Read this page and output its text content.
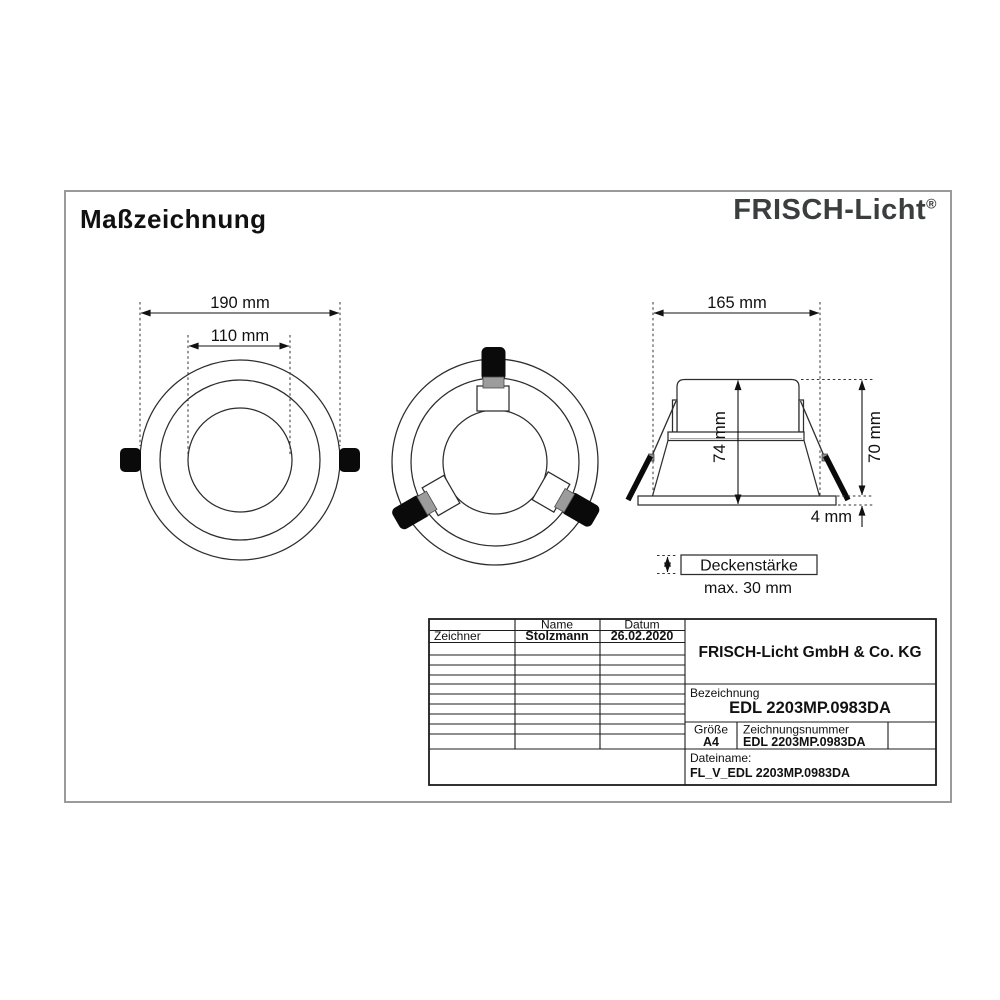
Maßzeichnung	FRISCH-Licht®
190 mm
110 mm
165 mm
74 mm	70 mm
4 mm
Deckenstärke
max. 30 mm
Name	Datum
Zeichner	Stolzmann 26.02.2020
FRISCH-Licht GmbH & Co. KG
Bezeichnung
EDL 2203MP.0983DA
Größe
A4
Zeichnungsnummer
EDL 2203MP.0983DA
Dateiname:
FL_V_EDL 2203MP.0983DA
